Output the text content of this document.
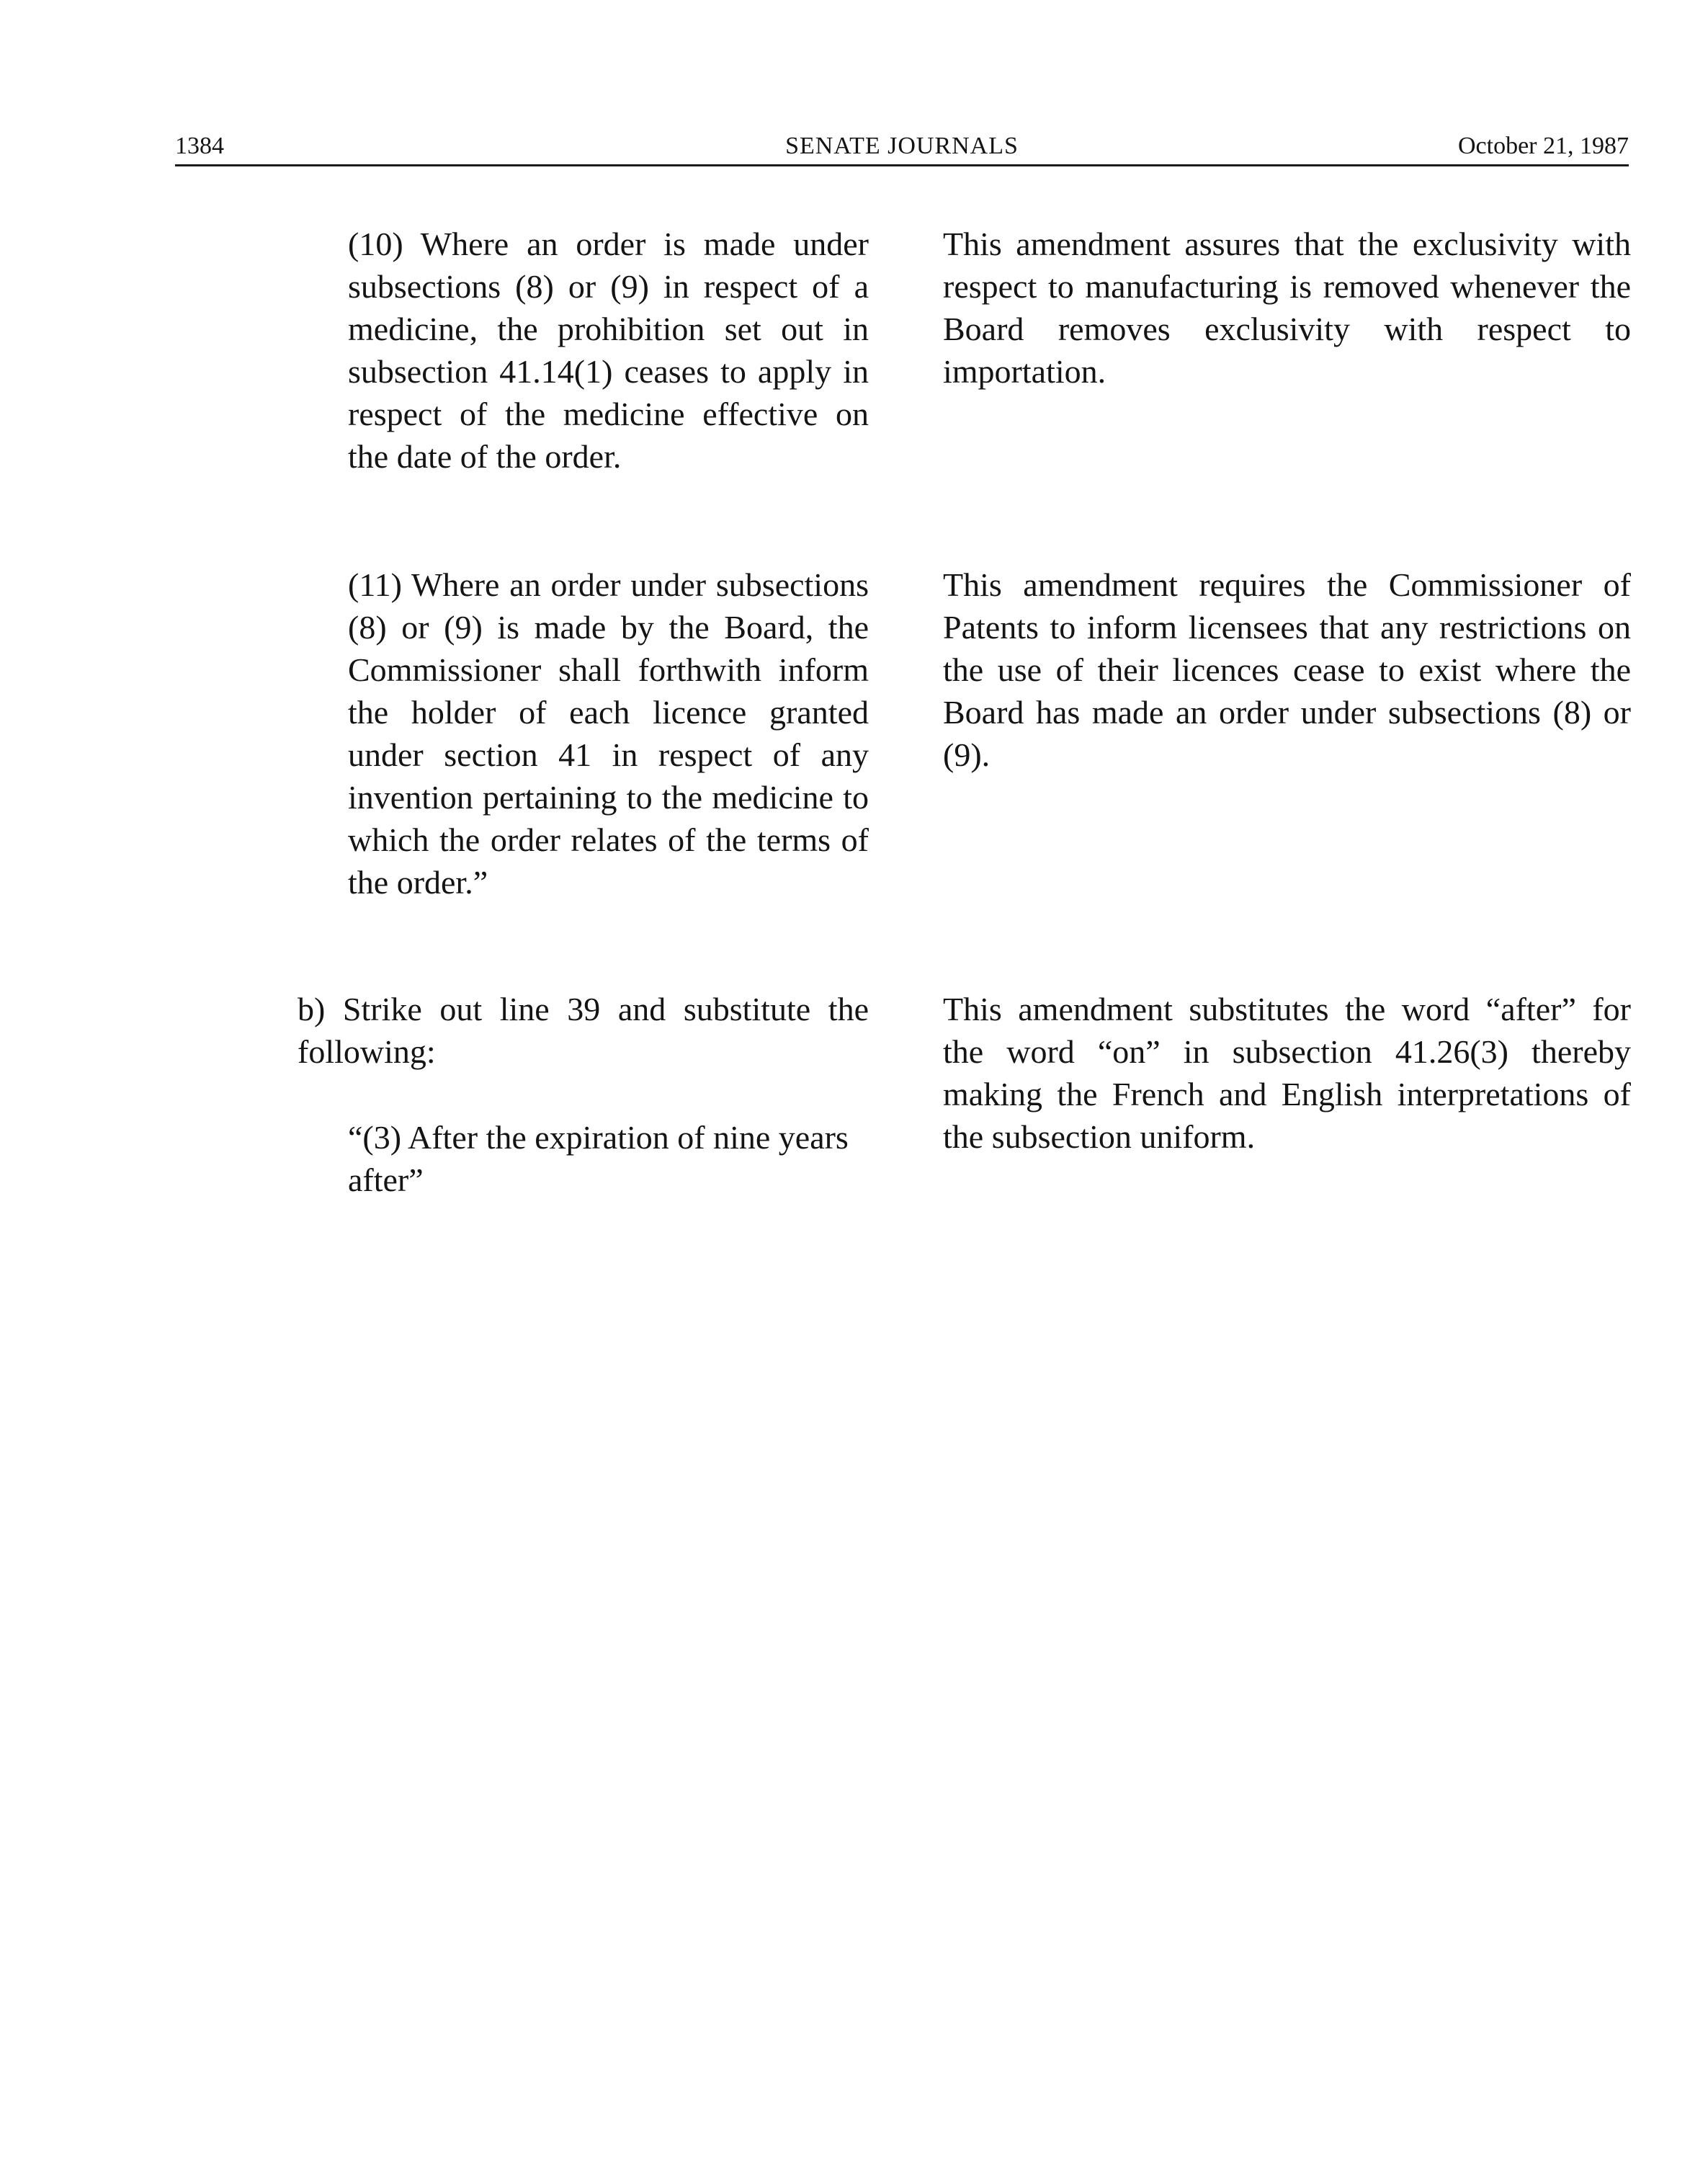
1384	SENATE JOURNALS	October 21, 1987

(10) Where an order is made under subsections (8) or (9) in respect of a medicine, the prohibition set out in subsection 41.14(1) ceases to apply in respect of the medicine effective on the date of the order.

This amendment assures that the exclusivity with respect to manufacturing is removed whenever the Board removes exclusivity with respect to importation.

(11) Where an order under subsections (8) or (9) is made by the Board, the Commissioner shall forthwith inform the holder of each licence granted under section 41 in respect of any invention pertaining to the medicine to which the order relates of the terms of the order.”

This amendment requires the Commissioner of Patents to inform licensees that any restrictions on the use of their licences cease to exist where the Board has made an order under subsections (8) or (9).

b) Strike out line 39 and substitute the following:

“(3) After the expiration of nine years after”

This amendment substitutes the word “after” for the word “on” in subsection 41.26(3) thereby making the French and English interpretations of the subsection uniform.
